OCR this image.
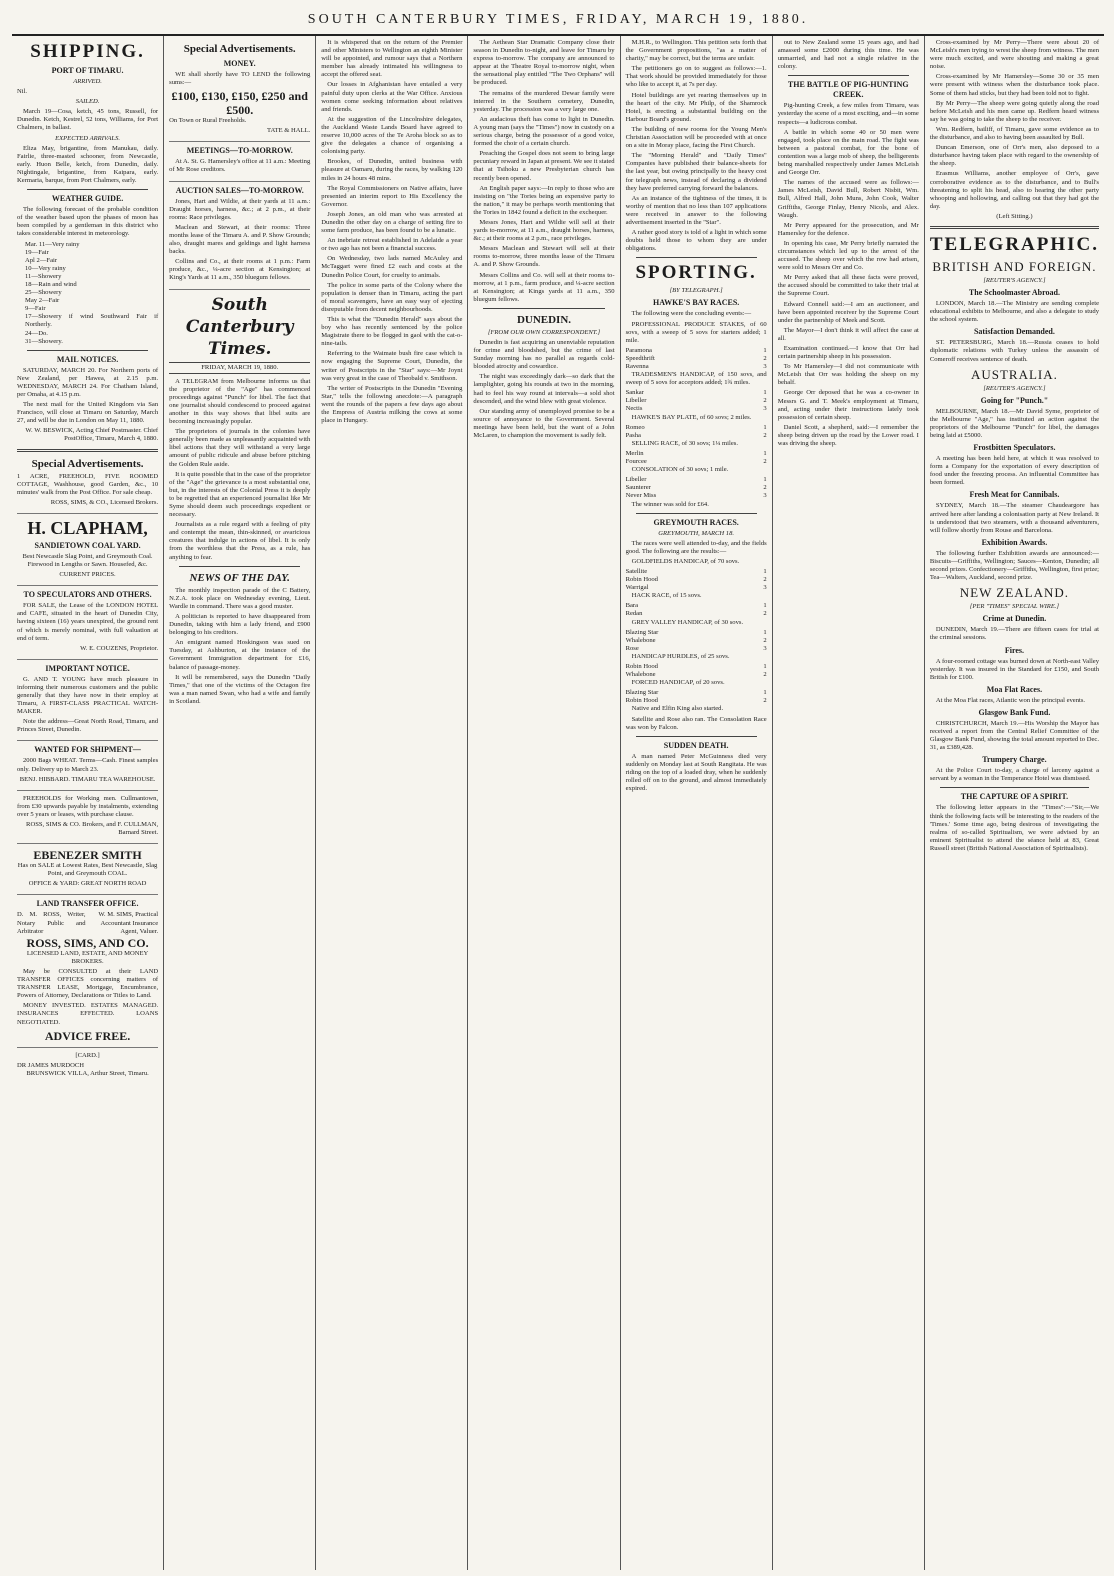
SOUTH CANTERBURY TIMES, FRIDAY, MARCH 19, 1880.
SHIPPING.
PORT OF TIMARU.
ARRIVED.

Nil.

SAILED.

March 19—Cosa, ketch, 45 tons, Russell, for Dunedin. Ketch, Kestrel, 52 tons, Williams, for Port Chalmers, in ballast.

EXPECTED ARRIVALS.

Eliza May, brigantine, from Manukau, daily. Fairlie, three-masted schooner, from Newcastle, early. Huon Belle, ketch, from Dunedin, daily. Nightingale, brigantine, from Kaipara, early. Kermaria, barque, from Port Chalmers, early.

WEATHER GUIDE.

The following forecast of the probable condition of the weather based upon the phases of moon has been compiled by a gentleman in this district who takes considerable interest in meteorology.

Mar. 11—Very rainy
19—Fair
Apl 2—Fair
10—Very rainy
11—Showery
18—Rain and wind
25—Showery
May 2—Fair
9—Fair
17—Showery if wind Southward Fair if Northerly.
24—Do.
31—Showery.
MAIL NOTICES.

SATURDAY, MARCH 20. For Northern ports of New Zealand, per Hawea, at 2.15 p.m. WEDNESDAY, MARCH 24. For Chatham Island, per Omaha, at 4.15 p.m.

The next mail for the United Kingdom via San Francisco, will close at Timaru on Saturday, March 27, and will be due in London on May 11, 1880.

W. W. BESWICK, Acting Chief Postmaster. Chief PostOffice, Timaru, March 4, 1880.

Special Advertisements.

1 ACRE, FREEHOLD, FIVE ROOMED COTTAGE, Washhouse, good Garden, &c., 10 minutes' walk from the Post Office. For sale cheap.

ROSS, SIMS, & CO., Licensed Brokers.

H. CLAPHAM,
SANDIETOWN COAL YARD.

Best Newcastle Slag Point, and Greymouth Coal. Firewood in Lengths or Sawn. Housefed, &c.

CURRENT PRICES.

TO SPECULATORS AND OTHERS.

FOR SALE, the Lease of the LONDON HOTEL and CAFE, situated in the heart of Dunedin City, having sixteen (16) years unexpired, the ground rent of which is merely nominal, with full valuation at end of term.

W. E. COUZENS, Proprietor.

IMPORTANT NOTICE.

G. AND T. YOUNG have much pleasure in informing their numerous customers and the public generally that they have now in their employ at Timaru, A FIRST-CLASS PRACTICAL WATCH-MAKER.

Note the address—Great North Road, Timaru, and Princes Street, Dunedin.

WANTED FOR SHIPMENT—

2000 Bags WHEAT. Terms—Cash. Finest samples only. Delivery up to March 23.

BENJ. HIBBARD. TIMARU TEA WAREHOUSE.

FREEHOLDS for Working men. Cullmantown, from £30 upwards payable by instalments, extending over 5 years or leases, with purchase clause.

ROSS, SIMS & CO. Brokers, and F. CULLMAN, Barnard Street.

EBENEZER SMITH

Has on SALE at Lowest Rates, Best Newcastle, Slag Point, and Greymouth COAL.

OFFICE & YARD: GREAT NORTH ROAD

LAND TRANSFER OFFICE.
D. M. ROSS, Writer, Notary Public and Arbitrator
W. M. SIMS, Practical Accountant Insurance Agent, Valuer.
ROSS, SIMS, AND CO.

LICENSED LAND, ESTATE, AND MONEY BROKERS.

May be CONSULTED at their LAND TRANSFER OFFICES concerning matters of TRANSFER LEASE, Mortgage, Encumbrance, Powers of Attorney, Declarations or Titles to Land.

MONEY INVESTED. ESTATES MANAGED. INSURANCES EFFECTED. LOANS NEGOTIATED.

ADVICE FREE.

[CARD.]

DR JAMES MURDOCH

BRUNSWICK VILLA, Arthur Street, Timaru.

Special Advertisements.
MONEY.

WE shall shortly have TO LEND the following sums:—

£100, £130, £150, £250 and £500.

On Town or Rural Freeholds.

TATE & HALL.

MEETINGS—TO-MORROW.

At A. St. G. Hamersley's office at 11 a.m.: Meeting of Mr Rose creditors.

AUCTION SALES—TO-MORROW.

Jones, Hart and Wildie, at their yards at 11 a.m.: Draught horses, harness, &c.; at 2 p.m., at their rooms: Race privileges.

Maclean and Stewart, at their rooms: Three months lease of the Timaru A. and P. Show Grounds; also, draught mares and geldings and light harness backs.

Collins and Co., at their rooms at 1 p.m.: Farm produce, &c., ¼-acre section at Kensington; at King's Yards at 11 a.m., 350 bluegum fellows.

South Canterbury Times.
FRIDAY, MARCH 19, 1880.

A TELEGRAM from Melbourne informs us that the proprietor of the "Age" has commenced proceedings against "Punch" for libel. The fact that one journalist should condescend to proceed against another in this way shows that libel suits are becoming increasingly popular.

The proprietors of journals in the colonies have generally been made as unpleasantly acquainted with libel actions that they will withstand a very large amount of public ridicule and abuse before pitching the Golden Rule aside.

It is quite possible that in the case of the proprietor of the "Age" the grievance is a most substantial one, but, in the interests of the Colonial Press it is deeply to be regretted that an experienced journalist like Mr Syme should deem such proceedings expedient or necessary.

Journalists as a rule regard with a feeling of pity and contempt the mean, thin-skinned, or avaricious creatures that indulge in actions of libel. It is only from the worthless that the Press, as a rule, has anything to fear.

NEWS OF THE DAY.

The monthly inspection parade of the C Battery, N.Z.A. took place on Wednesday evening, Lieut. Wardle in command. There was a good muster.

A politician is reported to have disappeared from Dunedin, taking with him a lady friend, and £900 belonging to his creditors.

An emigrant named Hoskingson was sued on Tuesday, at Ashburton, at the instance of the Government Immigration department for £16, balance of passage-money.

It will be remembered, says the Dunedin "Daily Times," that one of the victims of the Octagon fire was a man named Swan, who had a wife and family in Scotland.

It is whispered that on the return of the Premier and other Ministers to Wellington an eighth Minister will be appointed, and rumour says that a Northern member has already intimated his willingness to accept the offered seat.

Our losses in Afghanistan have entailed a very painful duty upon clerks at the War Office. Anxious women come seeking information about relatives and friends.

At the suggestion of the Lincolnshire delegates, the Auckland Waste Lands Board have agreed to reserve 10,000 acres of the Te Aroha block so as to give the delegates a chance of organising a colonising party.

Brookes, of Dunedin, united business with pleasure at Oamaru, during the races, by walking 120 miles in 24 hours 48 mins.

The Royal Commissioners on Native affairs, have presented an interim report to His Excellency the Governor.

Joseph Jones, an old man who was arrested at Dunedin the other day on a charge of setting fire to some farm produce, has been found to be a lunatic.

An inebriate retreat established in Adelaide a year or two ago has not been a financial success.

On Wednesday, two lads named McAuley and McTaggart were fined £2 each and costs at the Dunedin Police Court, for cruelty to animals.

The police in some parts of the Colony where the population is denser than in Timaru, acting the part of moral scavengers, have an easy way of ejecting disreputable from decent neighbourhoods.

This is what the "Dunedin Herald" says about the boy who has recently sentenced by the police Magistrate there to be flogged in gaol with the cat-o-nine-tails.

Referring to the Waimate bush fire case which is now engaging the Supreme Court, Dunedin, the writer of Postscripts in the "Star" says:—Mr Joynt was very great in the case of Theobald v. Smithson.

The writer of Postscripts in the Dunedin "Evening Star," tells the following anecdote:—A paragraph went the rounds of the papers a few days ago about the Empress of Austria milking the cows at some place in Hungary.

The Aethean Star Dramatic Company close their season in Dunedin to-night, and leave for Timaru by express to-morrow. The company are announced to appear at the Theatre Royal to-morrow night, when the sensational play entitled "The Two Orphans" will be produced.

The remains of the murdered Dewar family were interred in the Southern cemetery, Dunedin, yesterday. The procession was a very large one.

An audacious theft has come to light in Dunedin. A young man (says the "Times") now in custody on a serious charge, being the possessor of a good voice, formed the choir of a certain church.

Preaching the Gospel does not seem to bring large pecuniary reward in Japan at present. We see it stated that at Tsihoku a new Presbyterian church has recently been opened.

An English paper says:—In reply to those who are insisting on "the Tories being an expensive party to the nation," it may be perhaps worth mentioning that the Tories in 1842 found a deficit in the exchequer.

Messrs Jones, Hart and Wildie will sell at their yards to-morrow, at 11 a.m., draught horses, harness, &c.; at their rooms at 2 p.m., race privileges.

Messrs Maclean and Stewart will sell at their rooms to-morrow, three months lease of the Timaru A. and P. Show Grounds.

Messrs Collins and Co. will sell at their rooms to-morrow, at 1 p.m., farm produce, and ¼-acre section at Kensington; at Kings yards at 11 a.m., 350 bluegum fellows.

DUNEDIN.
[FROM OUR OWN CORRESPONDENT.]

Dunedin is fast acquiring an unenviable reputation for crime and bloodshed, but the crime of last Sunday morning has no parallel as regards cold-blooded atrocity and cowardice.

The night was exceedingly dark—so dark that the lamplighter, going his rounds at two in the morning, had to feel his way round at intervals—a sold shot descended, and the wind blew with great violence.

Our standing army of unemployed promise to be a source of annoyance to the Government. Several meetings have been held, but the want of a John McLaren, to champion the movement is sadly felt.

M.H.R., to Wellington. This petition sets forth that the Government propositions, "as a matter of charity," may be correct, but the terms are unfair.

The petitioners go on to suggest as follows:—1. That work should be provided immediately for those who like to accept it, at 7s per day.

Hotel buildings are yet rearing themselves up in the heart of the city. Mr Philp, of the Shamrock Hotel, is erecting a substantial building on the Harbour Board's ground.

The building of new rooms for the Young Men's Christian Association will be proceeded with at once on a site in Moray place, facing the First Church.

The "Morning Herald" and "Daily Times" Companies have published their balance-sheets for the last year, but owing principally to the heavy cost for telegraph news, instead of declaring a dividend they have preferred carrying forward the balances.

As an instance of the tightness of the times, it is worthy of mention that no less than 107 applications were received in answer to the following advertisement inserted in the "Star".

A rather good story is told of a light in which some doubts held those to whom they are under obligations.

SPORTING.
[BY TELEGRAPH.]
HAWKE'S BAY RACES.

The following were the concluding events:—

PROFESSIONAL PRODUCE STAKES, of 60 sovs, with a sweep of 5 sovs for starters added; 1 mile.

Paramona	1
Speedthrift	2
Ravenna	3

TRADESMEN'S HANDICAP, of 150 sovs, and sweep of 5 sovs for acceptors added; 1¾ miles.

Sankar	1
Libeller	2
Nectis	3

HAWKE'S BAY PLATE, of 60 sovs; 2 miles.

Romeo	1
Pasha	2

SELLING RACE, of 30 sovs; 1¼ miles.

Merlin	1
Fourcee	2

CONSOLATION of 30 sovs; 1 mile.

Libeller	1
Saunterer	2
Never Miss	3

The winner was sold for £64.

GREYMOUTH RACES.
GREYMOUTH, MARCH 18.

The races were well attended to-day, and the fields good. The following are the results:—

GOLDFIELDS HANDICAP, of 70 sovs.

Satellite	1
Robin Hood	2
Warrigal	3

HACK RACE, of 15 sovs.

Bara	1
Redan	2

GREY VALLEY HANDICAP, of 30 sovs.

Blazing Star	1
Whalebone	2
Rose	3

HANDICAP HURDLES, of 25 sovs.

Robin Hood	1
Whalebone	2

FORCED HANDICAP, of 20 sovs.

Blazing Star	1
Robin Hood	2

Native and Elfin King also started.

Satellite and Rose also ran. The Consolation Race was won by Falcon.

SUDDEN DEATH.

A man named Peter McGuinness died very suddenly on Monday last at South Rangitata. He was riding on the top of a loaded dray, when he suddenly rolled off on to the ground, and almost immediately expired.

out to New Zealand some 15 years ago, and had amassed some £2000 during this time. He was unmarried, and had not a single relative in the colony.

THE BATTLE OF PIG-HUNTING CREEK.

Pig-hunting Creek, a few miles from Timaru, was yesterday the scene of a most exciting, and—in some respects—a ludicrous combat.

A battle in which some 40 or 50 men were engaged, took place on the main road. The fight was between a pastoral combat, for the bone of contention was a large mob of sheep, the belligerents being marshalled respectively under James McLeish and George Orr.

The names of the accused were as follows:—James McLeish, David Bull, Robert Nisbit, Wm. Bull, Alfred Hall, John Muns, John Cook, Walter Griffiths, George Finlay, Henry Nicols, and Alex. Waugh.

Mr Perry appeared for the prosecution, and Mr Hamersley for the defence.

In opening his case, Mr Perry briefly narrated the circumstances which led up to the arrest of the accused. The sheep over which the row had arisen, were sold to Messrs Orr and Co.

Mr Perry asked that all these facts were proved, the accused should be committed to take their trial at the Supreme Court.

Edward Connell said:—I am an auctioneer, and have been appointed receiver by the Supreme Court under the partnership of Meek and Scott.

The Mayor—I don't think it will affect the case at all.

Examination continued.—I know that Orr had certain partnership sheep in his possession.

To Mr Hamersley—I did not communicate with McLeish that Orr was holding the sheep on my behalf.

George Orr deposed that he was a co-owner in Messrs G. and T. Meek's employment at Timaru, and, acting under their instructions lately took possession of certain sheep.

Daniel Scott, a shepherd, said:—I remember the sheep being driven up the road by the Lower road. I was driving the sheep.

Cross-examined by Mr Perry—There were about 20 of McLeish's men trying to wrest the sheep from witness. The men were much excited, and were shouting and making a great noise.

Cross-examined by Mr Hamersley—Some 30 or 35 men were present with witness when the disturbance took place. Some of them had sticks, but they had been told not to fight.

By Mr Perry—The sheep were going quietly along the road before McLeish and his men came up. Redfern heard witness say he was going to take the sheep to the receiver.

Wm. Redfern, bailiff, of Timaru, gave some evidence as to the disturbance, and also to having been assaulted by Bull.

Duncan Emerson, one of Orr's men, also deposed to a disturbance having taken place with regard to the ownership of the sheep.

Erasmus Williams, another employee of Orr's, gave corroborative evidence as to the disturbance, and to Bull's threatening to split his head, also to hearing the other party whooping and hollowing, and calling out that they had got the day.

(Left Sitting.)

TELEGRAPHIC.
BRITISH AND FOREIGN.
[REUTER'S AGENCY.]
The Schoolmaster Abroad.

LONDON, March 18.—The Ministry are sending complete educational exhibits to Melbourne, and also a delegate to study the school system.

Satisfaction Demanded.

ST. PETERSBURG, March 18.—Russia ceases to hold diplomatic relations with Turkey unless the assassin of Comeroff receives sentence of death.

AUSTRALIA.
[REUTER'S AGENCY.]
Going for "Punch."

MELBOURNE, March 18.—Mr David Syme, proprietor of the Melbourne "Age," has instituted an action against the proprietors of the Melbourne "Punch" for libel, the damages being laid at £5000.

Frostbitten Speculators.

A meeting has been held here, at which it was resolved to form a Company for the exportation of every description of food under the freezing process. An influential Committee has been formed.

Fresh Meat for Cannibals.

SYDNEY, March 18.—The steamer Chaudeargore has arrived here after landing a colonisation party at New Ireland. It is understood that two steamers, with a thousand adventurers, will follow shortly from Rouse and Barcelona.

Exhibition Awards.

The following further Exhibition awards are announced:—Biscuits—Griffiths, Wellington; Sauces—Kenton, Dunedin; all second prizes. Confectionery—Griffiths, Wellington, first prize; Tea—Walters, Auckland, second prize.

NEW ZEALAND.
[PER "TIMES" SPECIAL WIRE.]
Crime at Dunedin.

DUNEDIN, March 19.—There are fifteen cases for trial at the criminal sessions.

Fires.

A four-roomed cottage was burned down at North-east Valley yesterday. It was insured in the Standard for £150, and South British for £100.

Moa Flat Races.

At the Moa Flat races, Atlantic won the principal events.

Glasgow Bank Fund.

CHRISTCHURCH, March 19.—His Worship the Mayor has received a report from the Central Relief Committee of the Glasgow Bank Fund, showing the total amount reported to Dec. 31, as £389,428.

Trumpery Charge.

At the Police Court to-day, a charge of larceny against a servant by a woman in the Temperance Hotel was dismissed.

THE CAPTURE OF A SPIRIT.

The following letter appears in the "Times":—"Sir,—We think the following facts will be interesting to the readers of the 'Times.' Some time ago, being desirous of investigating the realms of so-called Spiritualism, we were advised by an eminent Spiritualist to attend the séance held at 83, Great Russell street (British National Association of Spiritualists).
